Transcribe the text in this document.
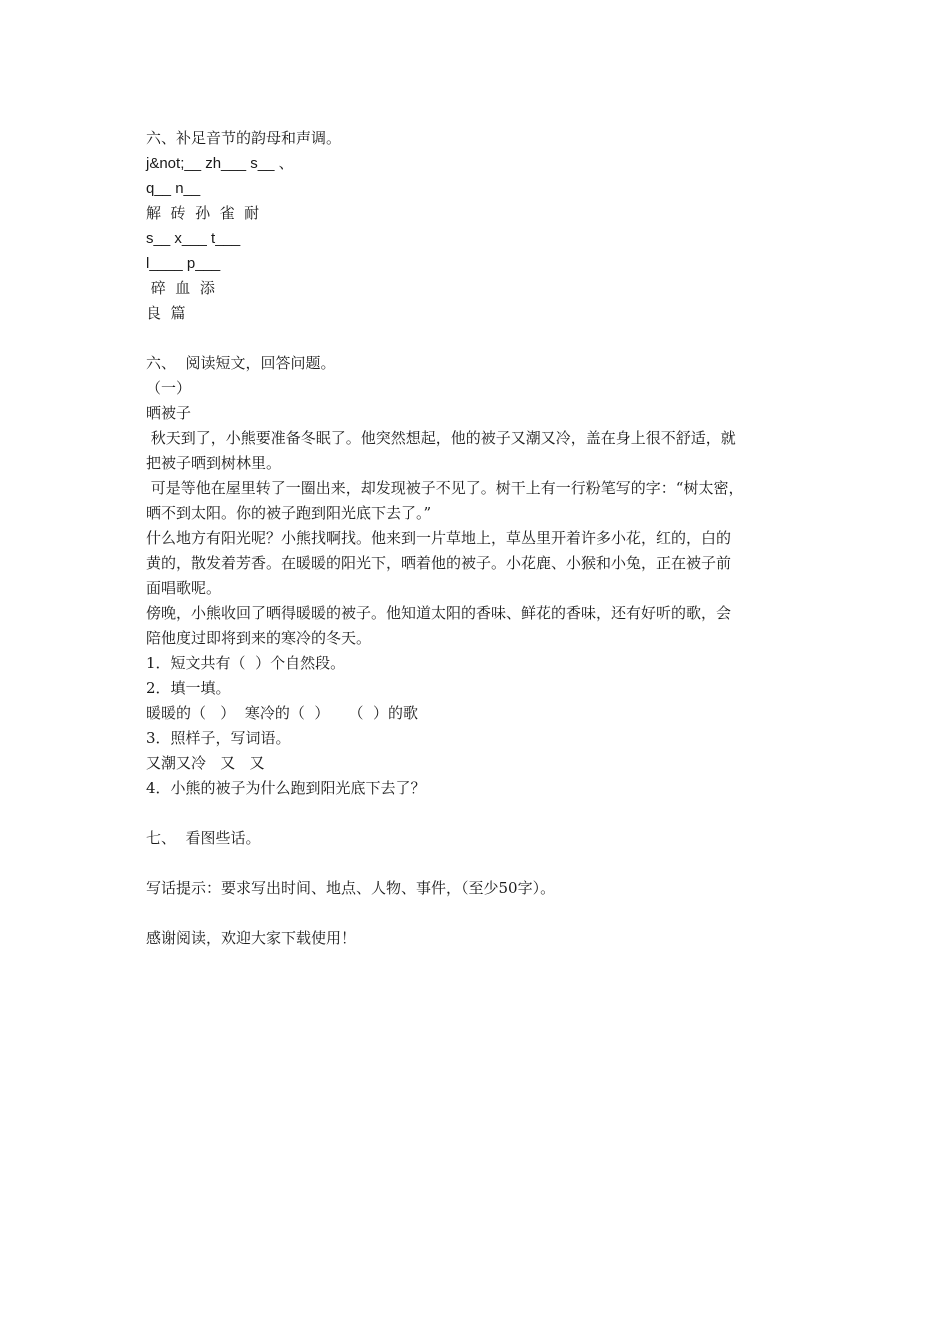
六、补足音节的韵母和声调。
j&not;__ zh___ s__ 、
q__ n__
解  砖  孙  雀  耐
s__ x___ t___
l____ p___
碎  血  添
良  篇
六、  阅读短文，回答问题。
（一）
晒被子
秋天到了，小熊要准备冬眠了。他突然想起，他的被子又潮又冷，盖在身上很不舒适，就
把被子晒到树林里。
可是等他在屋里转了一圈出来，却发现被子不见了。树干上有一行粉笔写的字：“树太密，
晒不到太阳。你的被子跑到阳光底下去了。”
什么地方有阳光呢？小熊找啊找。他来到一片草地上，草丛里开着许多小花，红的，白的
黄的，散发着芳香。在暖暖的阳光下，晒着他的被子。小花鹿、小猴和小兔，正在被子前
面唱歌呢。
傍晚，小熊收回了晒得暖暖的被子。他知道太阳的香味、鲜花的香味，还有好听的歌，会
陪他度过即将到来的寒冷的冬天。
1．短文共有（  ）个自然段。
2．填一填。
暖暖的（   ）  寒冷的（  ）    （  ）的歌
3．照样子，写词语。
又潮又冷   又   又
4．小熊的被子为什么跑到阳光底下去了？
七、  看图些话。
写话提示：要求写出时间、地点、人物、事件，（至少50字）。
感谢阅读，欢迎大家下载使用！
